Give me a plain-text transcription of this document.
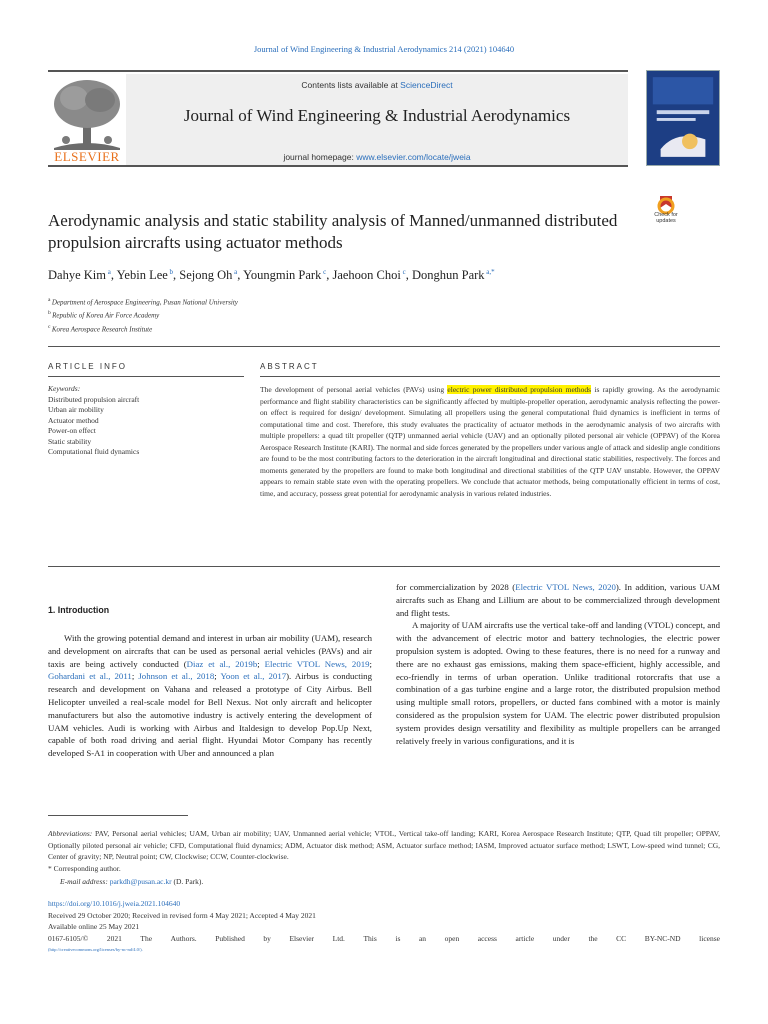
Journal of Wind Engineering & Industrial Aerodynamics 214 (2021) 104640
ELSEVIER
Contents lists available at ScienceDirect
Journal of Wind Engineering & Industrial Aerodynamics
journal homepage: www.elsevier.com/locate/jweia
Aerodynamic analysis and static stability analysis of Manned/unmanned distributed propulsion aircrafts using actuator methods
Check for updates
Dahye Kim $^a$, Yebin Lee $^b$, Sejong Oh $^a$, Youngmin Park $^c$, Jaehoon Choi $^c$, Donghun Park $^{a,*}$
$^a$ Department of Aerospace Engineering, Pusan National University
$^b$ Republic of Korea Air Force Academy
$^c$ Korea Aerospace Research Institute
ARTICLE INFO	ABSTRACT
Keywords:
Distributed propulsion aircraft
Urban air mobility
Actuator method
Power-on effect
Static stability
Computational fluid dynamics
The development of personal aerial vehicles (PAVs) using electric power distributed propulsion methods is rapidly growing. As the aerodynamic performance and flight stability characteristics can be significantly affected by multiple-propeller operation, aerodynamic analysis reflecting the power-on effect is required for design/ development. Simulating all propellers using the general computational fluid dynamics is inefficient in terms of computational time and cost. Therefore, this study evaluates the practicality of actuator methods in the aerodynamic analysis of two aircrafts with multiple propellers: a quad tilt propeller (QTP) unmanned aerial vehicle (UAV) and an optionally piloted personal air vehicle (OPPAV) of the Korea Aerospace Research Institute (KARI). The normal and side forces generated by the propellers under various angle of attack and sideslip angle conditions are found to be the most contributing factors to the deterioration in the aircraft longitudinal and directional static stabilities, respectively. The forces and moments generated by the propellers are found to make both longitudinal and directional stabilities of the QTP UAV unstable. However, the OPPAV appears to remain stable state even with the operating propellers. We conclude that actuator methods, being computationally efficient in terms of cost, time, and accuracy, possess great potential for aerodynamic analysis in various related industries.
1. Introduction

With the growing potential demand and interest in urban air mobility (UAM), research and development on aircrafts that can be used as personal aerial vehicles (PAVs) and air taxis are being actively conducted (Diaz et al., 2019b; Electric VTOL News, 2019; Gohardani et al., 2011; Johnson et al., 2018; Yoon et al., 2017). Airbus is conducting research and development on Vahana and released a prototype of City Airbus. Bell Helicopter unveiled a real-scale model for Bell Nexus. Not only aircraft and helicopter manufacturers but also the automotive industry is actively entering the development of UAM vehicles. Audi is working with Airbus and Italdesign to develop Pop.Up Next, capable of both road driving and aerial flight. Hyundai Motor Company has recently developed S-A1 in cooperation with Uber and announced a plan

for commercialization by 2028 (Electric VTOL News, 2020). In addition, various UAM aircrafts such as Ehang and Lillium are about to be commercialized through development and flight tests.

A majority of UAM aircrafts use the vertical take-off and landing (VTOL) concept, and with the advancement of electric motor and battery technologies, the electric power propulsion system is adopted. Owing to these features, there is no need for a runway and there are no exhaust gas emissions, making them space-efficient, highly accessible, and eco-friendly in terms of urban operation. Unlike traditional rotorcrafts that use a combination of a gas turbine engine and a large rotor, the distributed propulsion method using multiple small rotors, propellers, or ducted fans combined with a motor is mainly considered as the propulsion system for UAM. The electric power distributed propulsion system provides design versatility and flexibility as multiple propellers can be arranged relatively freely in various configurations, and it is

Abbreviations: PAV, Personal aerial vehicles; UAM, Urban air mobility; UAV, Unmanned aerial vehicle; VTOL, Vertical take-off landing; KARI, Korea Aerospace Research Institute; QTP, Quad tilt propeller; OPPAV, Optionally piloted personal air vehicle; CFD, Computational fluid dynamics; ADM, Actuator disk method; ASM, Actuator surface method; IASM, Improved actuator surface method; LSWT, Low-speed wind tunnel; CG, Center of gravity; NP, Neutral point; CW, Clockwise; CCW, Counter-clockwise.
* Corresponding author.
E-mail address: parkdh@pusan.ac.kr (D. Park).
https://doi.org/10.1016/j.jweia.2021.104640
Received 29 October 2020; Received in revised form 4 May 2021; Accepted 4 May 2021
Available online 25 May 2021
0167-6105/© 2021 The Authors. Published by Elsevier Ltd. This is an open access article under the CC BY-NC-ND license
(http://creativecommons.org/licenses/by-nc-nd/4.0/).
